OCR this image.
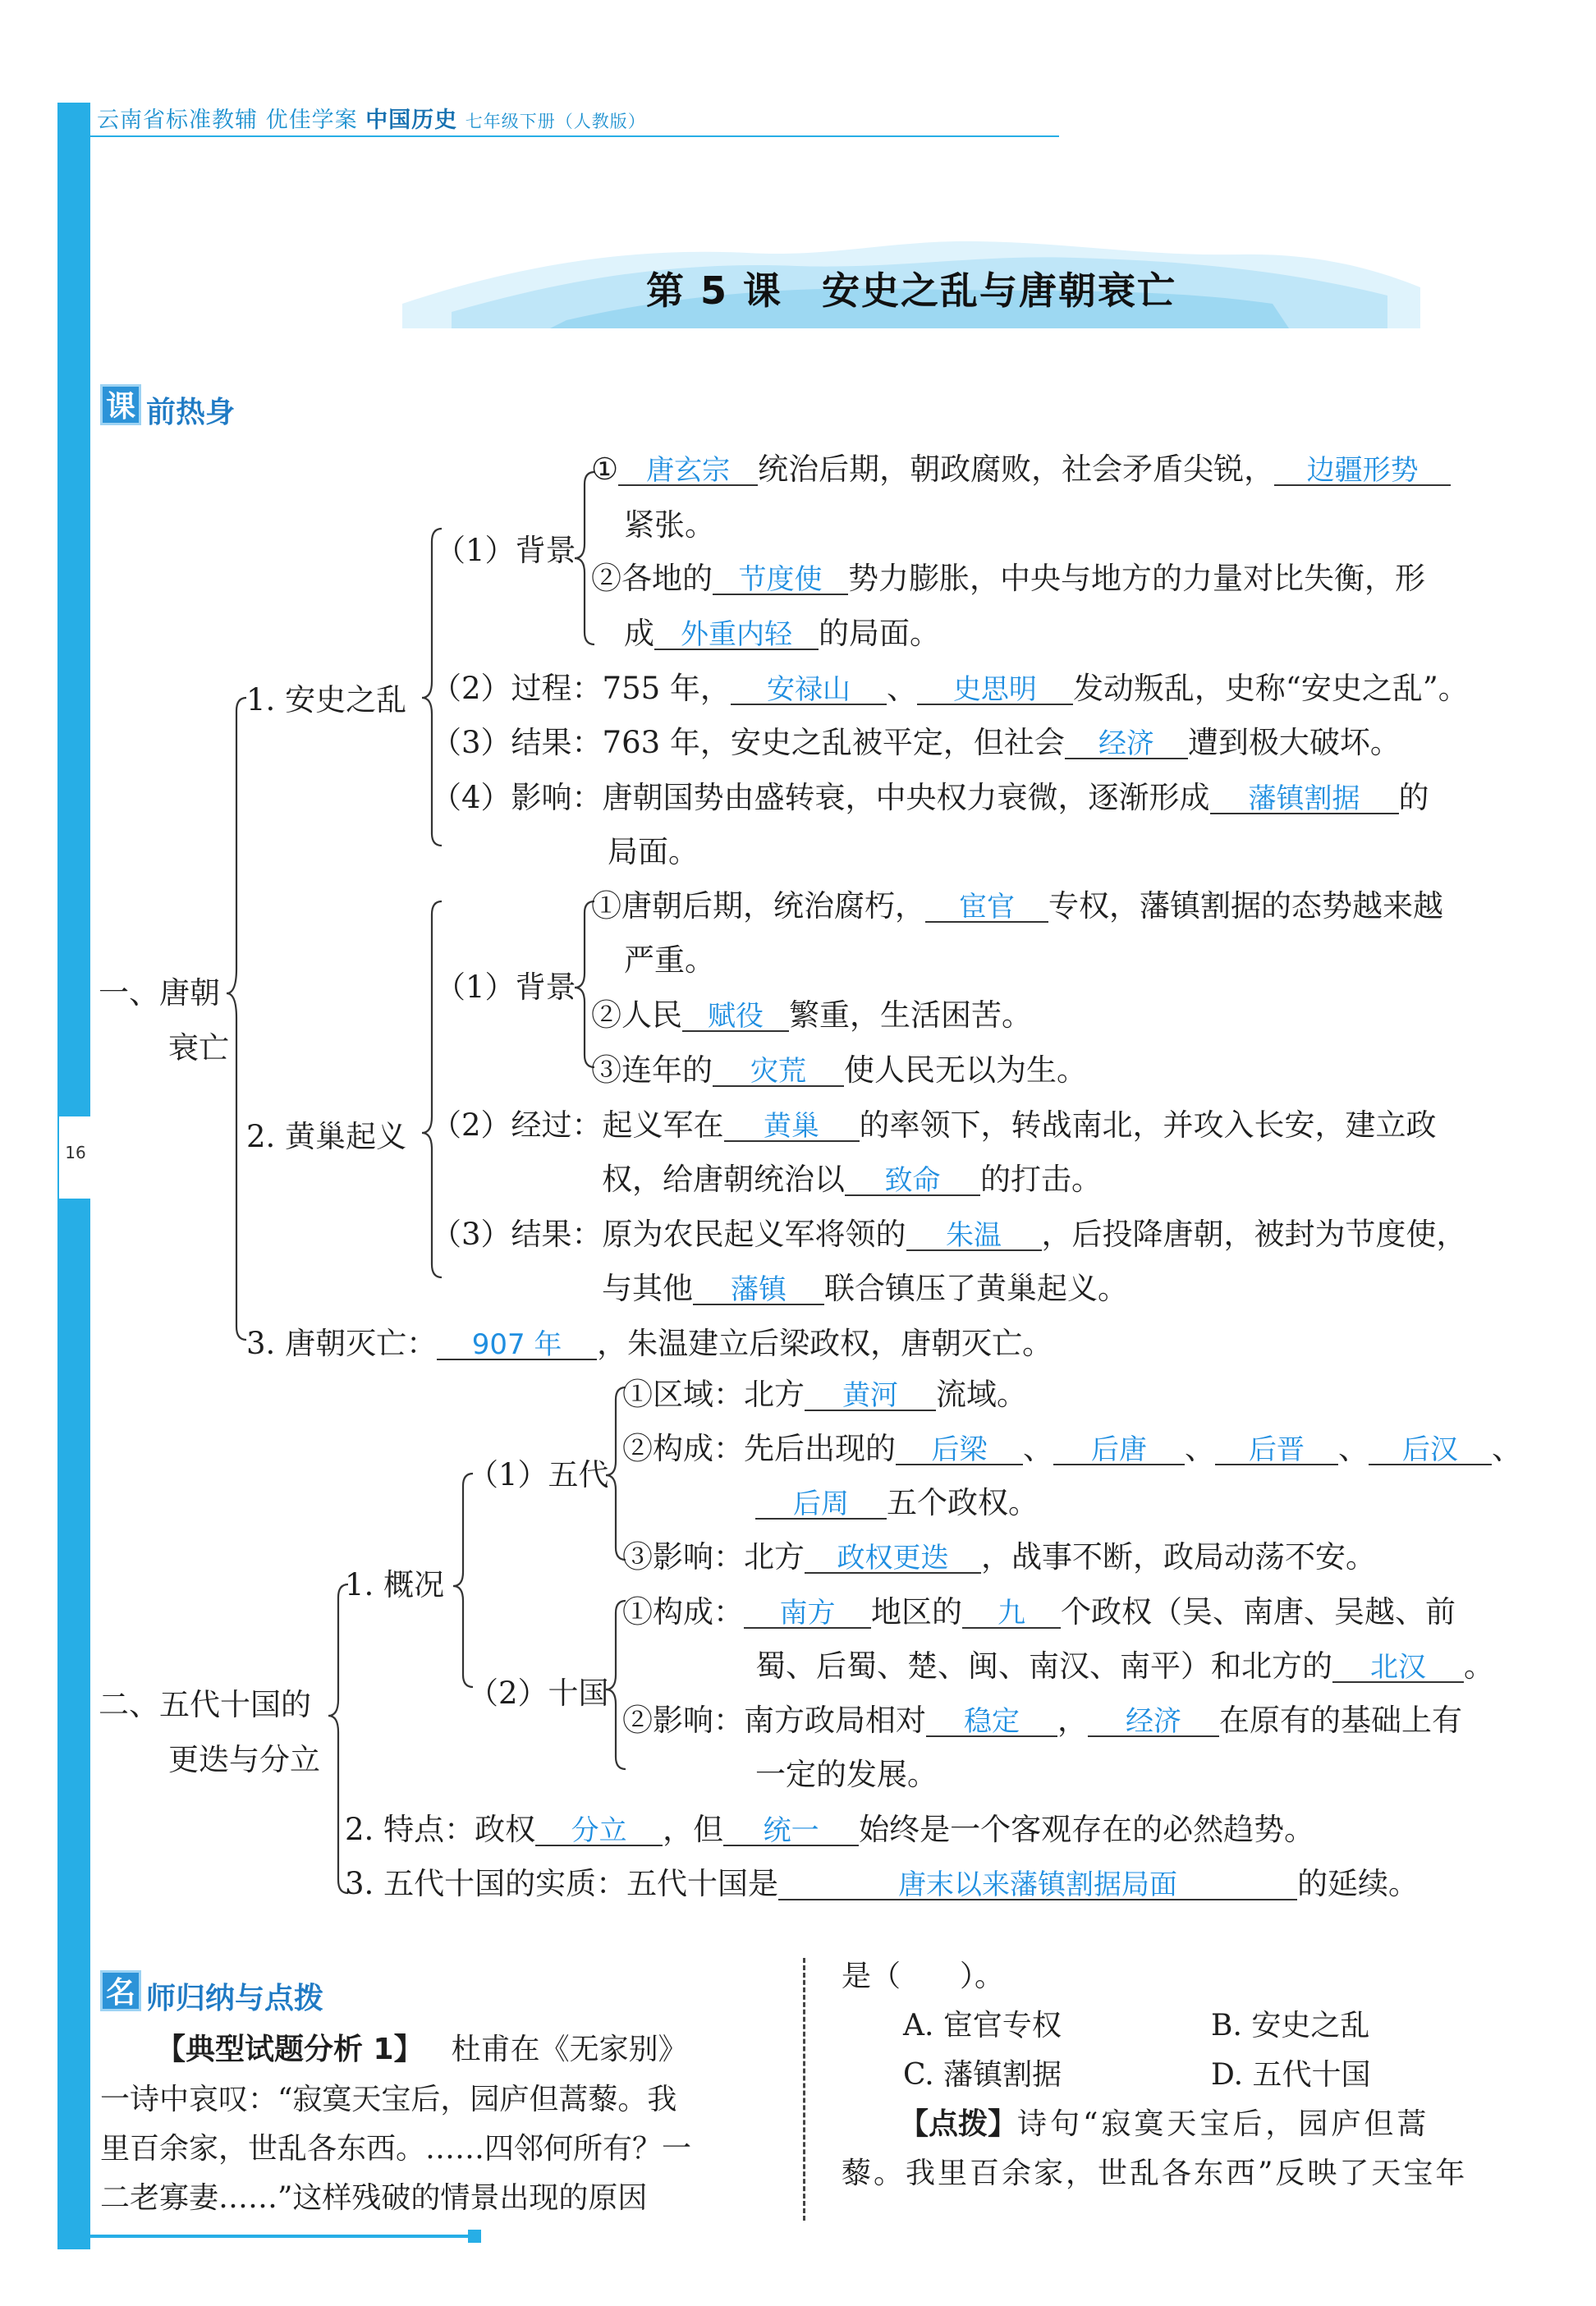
16
云南省标准教辅 优佳学案 中国历史 七年级下册（人教版）
第 5 课　安史之乱与唐朝衰亡
课 前热身
一、唐朝
衰亡
1. 安史之乱
（1）背景
① 唐玄宗 统治后期，朝政腐败，社会矛盾尖锐， 边疆形势
紧张。
②各地的 节度使 势力膨胀，中央与地方的力量对比失衡，形
成 外重内轻 的局面。
（2）过程：755 年， 安禄山 、 史思明 发动叛乱，史称“安史之乱”。
（3）结果：763 年，安史之乱被平定，但社会 经济 遭到极大破坏。
（4）影响：唐朝国势由盛转衰，中央权力衰微，逐渐形成 藩镇割据 的
局面。
2. 黄巢起义
（1）背景
①唐朝后期，统治腐朽， 宦官 专权，藩镇割据的态势越来越
严重。
②人民 赋役 繁重，生活困苦。
③连年的 灾荒 使人民无以为生。
（2）经过：起义军在 黄巢 的率领下，转战南北，并攻入长安，建立政
权，给唐朝统治以 致命 的打击。
（3）结果：原为农民起义军将领的 朱温 ，后投降唐朝，被封为节度使，
与其他 藩镇 联合镇压了黄巢起义。
3. 唐朝灭亡： 907 年 ，朱温建立后梁政权，唐朝灭亡。
二、五代十国的
更迭与分立
1. 概况
（1）五代
①区域：北方 黄河 流域。
②构成：先后出现的 后梁 、 后唐 、 后晋 、 后汉 、
后周 五个政权。
③影响：北方 政权更迭 ，战事不断，政局动荡不安。
（2）十国
①构成： 南方 地区的 九 个政权（吴、南唐、吴越、前
蜀、后蜀、楚、闽、南汉、南平）和北方的 北汉 。
②影响：南方政局相对 稳定 ， 经济 在原有的基础上有
一定的发展。
2. 特点：政权 分立 ，但 统一 始终是一个客观存在的必然趋势。
3. 五代十国的实质：五代十国是	唐末以来藩镇割据局面	的延续。
名 师归纳与点拨
【典型试题分析 1】 杜甫在《无家别》
一诗中哀叹：“寂寞天宝后，园庐但蒿藜。我
里百余家，世乱各东西。……四邻何所有？一
二老寡妻……”这样残破的情景出现的原因
是（　　）。
A. 宦官专权	B. 安史之乱
C. 藩镇割据	D. 五代十国
【点拨】诗句“寂寞天宝后，园庐但蒿
藜。我里百余家，世乱各东西”反映了天宝年
